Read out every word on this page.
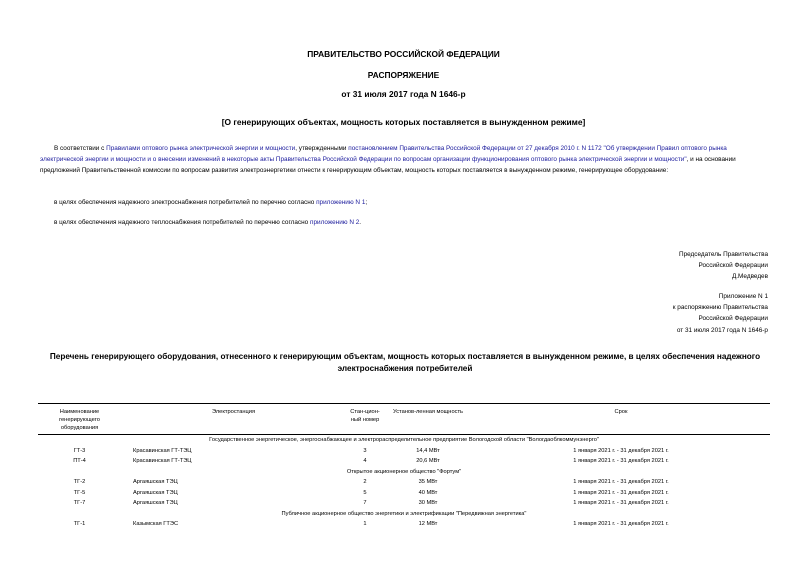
ПРАВИТЕЛЬСТВО РОССИЙСКОЙ ФЕДЕРАЦИИ
РАСПОРЯЖЕНИЕ
от 31 июля 2017 года N 1646-р
[О генерирующих объектах, мощность которых поставляется в вынужденном режиме]
В соответствии с Правилами оптового рынка электрической энергии и мощности, утвержденными постановлением Правительства Российской Федерации от 27 декабря 2010 г. N 1172 "Об утверждении Правил оптового рынка электрической энергии и мощности и о внесении изменений в некоторые акты Правительства Российской Федерации по вопросам организации функционирования оптового рынка электрической энергии и мощности", и на основании предложений Правительственной комиссии по вопросам развития электроэнергетики отнести к генерирующим объектам, мощность которых поставляется в вынужденном режиме, генерирующее оборудование:
в целях обеспечения надежного электроснабжения потребителей по перечню согласно приложению N 1;
в целях обеспечения надежного теплоснабжения потребителей по перечню согласно приложению N 2.
Председатель Правительства
Российской Федерации
Д.Медведев
Приложение N 1
к распоряжению Правительства
Российской Федерации
от 31 июля 2017 года N 1646-р
Перечень генерирующего оборудования, отнесенного к генерирующим объектам, мощность которых поставляется в вынужденном режиме, в целях обеспечения надежного электроснабжения потребителей
Наименование генерирующего оборудования	Электростанция	Стан-цион-ный номер	Установ-ленная мощность	Срок
Государственное энергетическое, энергоснабжающее и электрораспределительное предприятие Вологодской области "Вологдаоблкоммунэнерго"				
ГТ-3	Красавинская ГТ-ТЭЦ	3	14,4 МВт	1 января 2021 г. - 31 декабря 2021 г.
ПТ-4	Красавинская ГТ-ТЭЦ	4	20,6 МВт	1 января 2021 г. - 31 декабря 2021 г.
Открытое акционерное общество "Фортум"				
ТГ-2	Аргаяшская ТЭЦ	2	35 МВт	1 января 2021 г. - 31 декабря 2021 г.
ТГ-5	Аргаяшская ТЭЦ	5	40 МВт	1 января 2021 г. - 31 декабря 2021 г.
ТГ-7	Аргаяшская ТЭЦ	7	30 МВт	1 января 2021 г. - 31 декабря 2021 г.
Публичное акционерное общество энергетики и электрификации "Передвижная энергетика"				
ТГ-1	Казымская ГТЭС	1	12 МВт	1 января 2021 г. - 31 декабря 2021 г.
